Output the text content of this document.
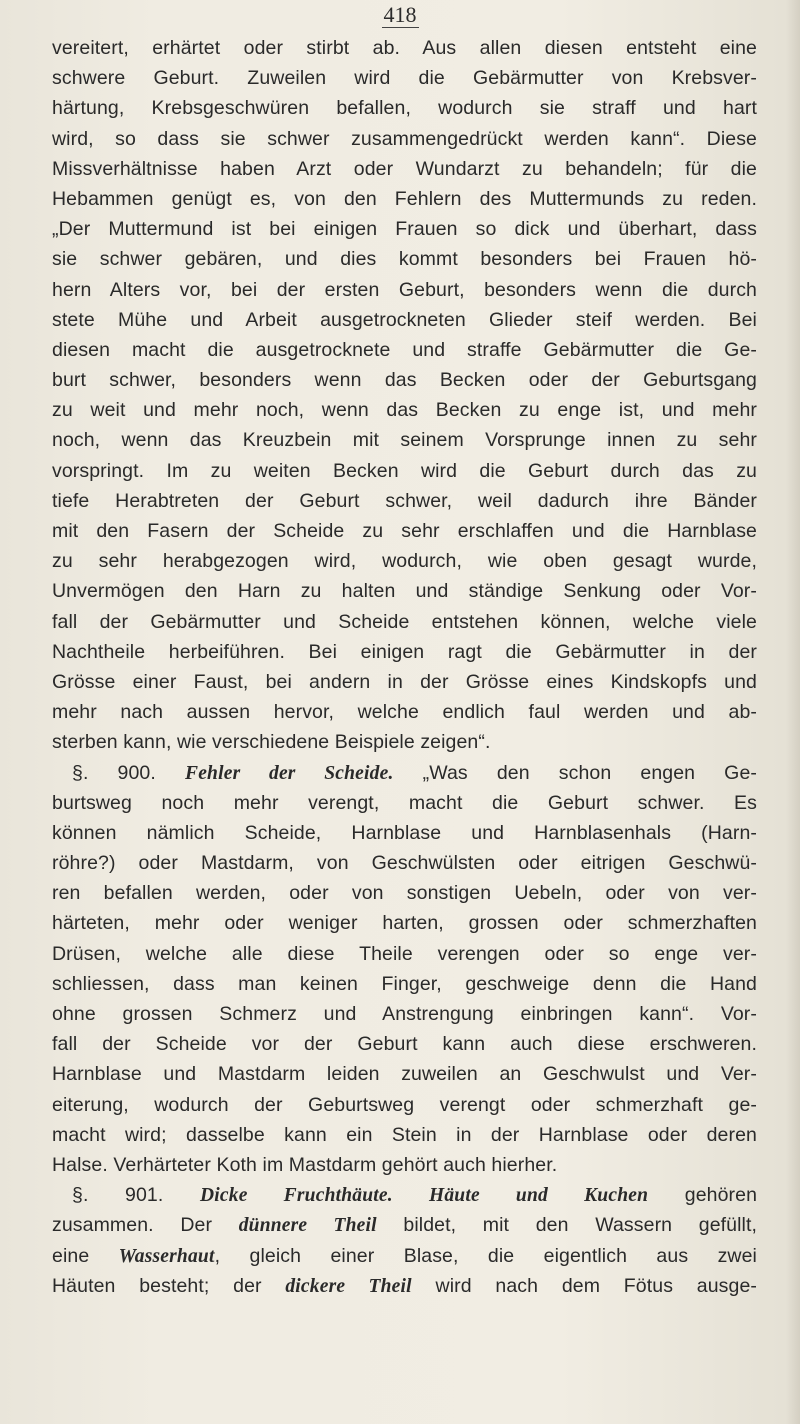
418
vereitert, erhärtet oder stirbt ab. Aus allen diesen entsteht eine
schwere Geburt. Zuweilen wird die Gebärmutter von Krebsver-
härtung, Krebsgeschwüren befallen, wodurch sie straff und hart
wird, so dass sie schwer zusammengedrückt werden kann“. Diese
Missverhältnisse haben Arzt oder Wundarzt zu behandeln; für die
Hebammen genügt es, von den Fehlern des Muttermunds zu reden.
„Der Muttermund ist bei einigen Frauen so dick und überhart, dass
sie schwer gebären, und dies kommt besonders bei Frauen hö-
hern Alters vor, bei der ersten Geburt, besonders wenn die durch
stete Mühe und Arbeit ausgetrockneten Glieder steif werden. Bei
diesen macht die ausgetrocknete und straffe Gebärmutter die Ge-
burt schwer, besonders wenn das Becken oder der Geburtsgang
zu weit und mehr noch, wenn das Becken zu enge ist, und mehr
noch, wenn das Kreuzbein mit seinem Vorsprunge innen zu sehr
vorspringt. Im zu weiten Becken wird die Geburt durch das zu
tiefe Herabtreten der Geburt schwer, weil dadurch ihre Bänder
mit den Fasern der Scheide zu sehr erschlaffen und die Harnblase
zu sehr herabgezogen wird, wodurch, wie oben gesagt wurde,
Unvermögen den Harn zu halten und ständige Senkung oder Vor-
fall der Gebärmutter und Scheide entstehen können, welche viele
Nachtheile herbeiführen. Bei einigen ragt die Gebärmutter in der
Grösse einer Faust, bei andern in der Grösse eines Kindskopfs und
mehr nach aussen hervor, welche endlich faul werden und ab-
sterben kann, wie verschiedene Beispiele zeigen“.
§. 900. Fehler der Scheide. „Was den schon engen Ge-
burtsweg noch mehr verengt, macht die Geburt schwer. Es
können nämlich Scheide, Harnblase und Harnblasenhals (Harn-
röhre?) oder Mastdarm, von Geschwülsten oder eitrigen Geschwü-
ren befallen werden, oder von sonstigen Uebeln, oder von ver-
härteten, mehr oder weniger harten, grossen oder schmerzhaften
Drüsen, welche alle diese Theile verengen oder so enge ver-
schliessen, dass man keinen Finger, geschweige denn die Hand
ohne grossen Schmerz und Anstrengung einbringen kann“. Vor-
fall der Scheide vor der Geburt kann auch diese erschweren.
Harnblase und Mastdarm leiden zuweilen an Geschwulst und Ver-
eiterung, wodurch der Geburtsweg verengt oder schmerzhaft ge-
macht wird; dasselbe kann ein Stein in der Harnblase oder deren
Halse. Verhärteter Koth im Mastdarm gehört auch hierher.
§. 901. Dicke Fruchthäute. Häute und Kuchen gehören
zusammen. Der dünnere Theil bildet, mit den Wassern gefüllt,
eine Wasserhaut, gleich einer Blase, die eigentlich aus zwei
Häuten besteht; der dickere Theil wird nach dem Fötus ausge-
